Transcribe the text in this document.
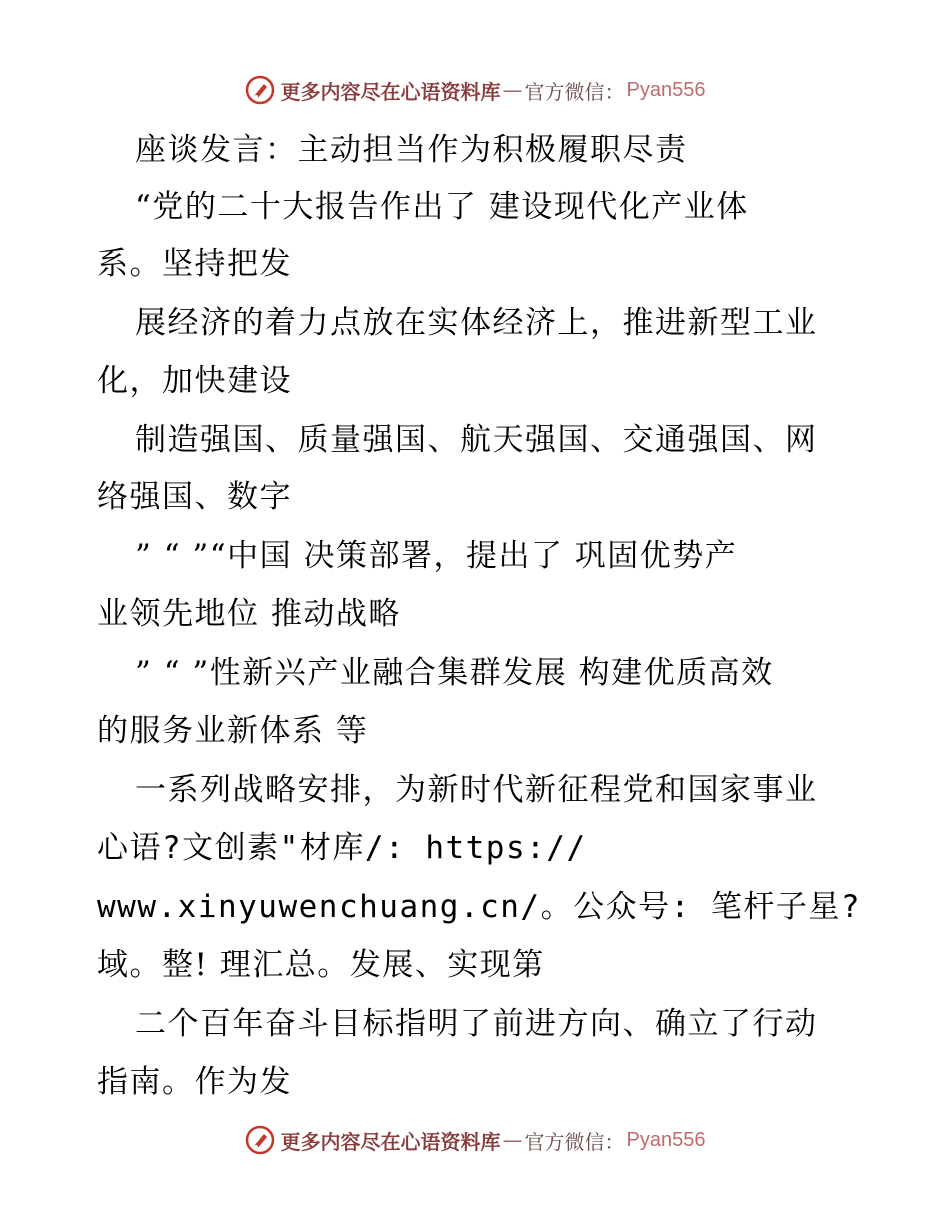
更多内容尽在心语资料库 — 官方微信： Pyan556
座谈发言：主动担当作为积极履职尽责
“党的二十大报告作出了 建设现代化产业体
系。坚持把发
展经济的着力点放在实体经济上，推进新型工业
化，加快建设
制造强国、质量强国、航天强国、交通强国、网
络强国、数字
” “ ”“中国 决策部署，提出了 巩固优势产
业领先地位 推动战略
” “ ”性新兴产业融合集群发展 构建优质高效
的服务业新体系 等
一系列战略安排，为新时代新征程党和国家事业
心语?文创素"材库/: https://
www.xinyuwenchuang.cn/。公众号: 笔杆子星?
域。整! 理汇总。发展、实现第
二个百年奋斗目标指明了前进方向、确立了行动
指南。作为发
更多内容尽在心语资料库 — 官方微信： Pyan556
